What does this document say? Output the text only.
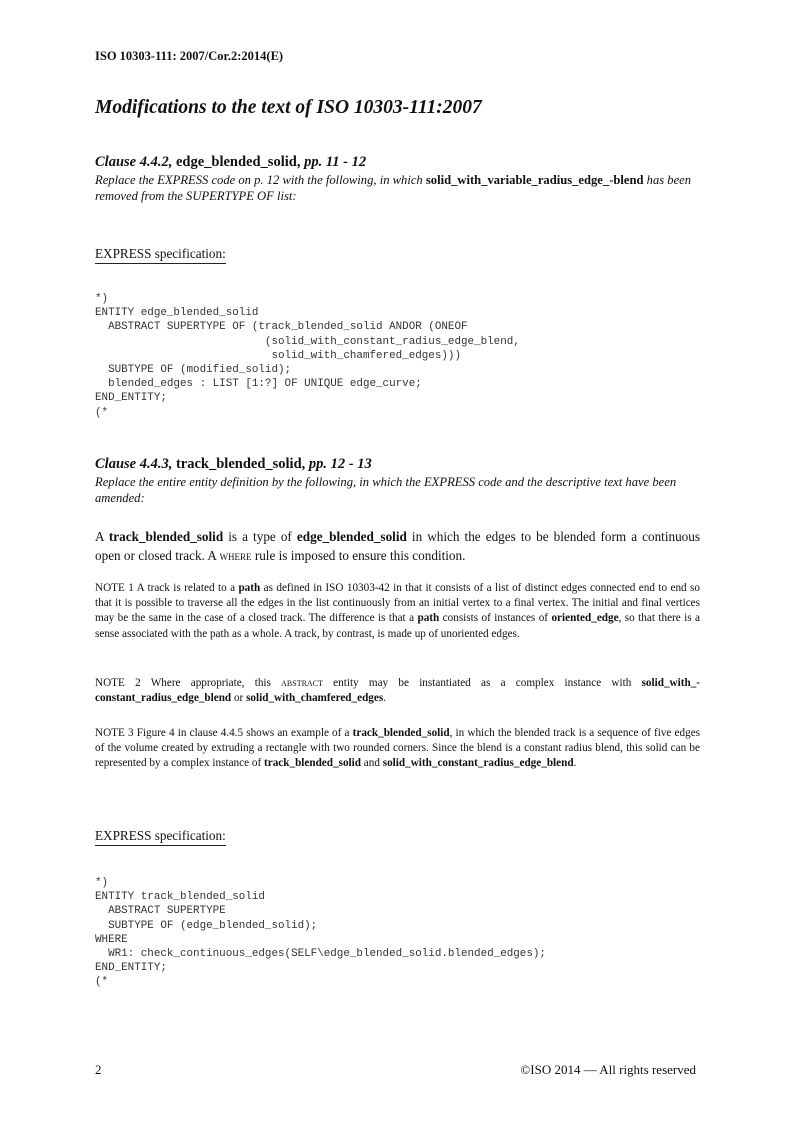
ISO 10303-111: 2007/Cor.2:2014(E)
Modifications to the text of ISO 10303-111:2007
Clause 4.4.2, edge_blended_solid, pp. 11 - 12

Replace the EXPRESS code on p. 12 with the following, in which solid_with_variable_radius_edge_-blend has been removed from the SUPERTYPE OF list:

EXPRESS specification:
*)
ENTITY edge_blended_solid
ABSTRACT SUPERTYPE OF (track_blended_solid ANDOR (ONEOF
(solid_with_constant_radius_edge_blend,
solid_with_chamfered_edges)))
SUBTYPE OF (modified_solid);
blended_edges : LIST [1:?] OF UNIQUE edge_curve;
END_ENTITY;
(*
Clause 4.4.3, track_blended_solid, pp. 12 - 13

Replace the entire entity definition by the following, in which the EXPRESS code and the descriptive text have been amended:

A track_blended_solid is a type of edge_blended_solid in which the edges to be blended form a continuous open or closed track. A where rule is imposed to ensure this condition.

NOTE 1 A track is related to a path as defined in ISO 10303-42 in that it consists of a list of distinct edges connected end to end so that it is possible to traverse all the edges in the list continuously from an initial vertex to a final vertex. The initial and final vertices may be the same in the case of a closed track. The difference is that a path consists of instances of oriented_edge, so that there is a sense associated with the path as a whole. A track, by contrast, is made up of unoriented edges.

NOTE 2 Where appropriate, this abstract entity may be instantiated as a complex instance with solid_with_-constant_radius_edge_blend or solid_with_chamfered_edges.

NOTE 3 Figure 4 in clause 4.4.5 shows an example of a track_blended_solid, in which the blended track is a sequence of five edges of the volume created by extruding a rectangle with two rounded corners. Since the blend is a constant radius blend, this solid can be represented by a complex instance of track_blended_solid and solid_with_constant_radius_edge_blend.

EXPRESS specification:
*)
ENTITY track_blended_solid
ABSTRACT SUPERTYPE
SUBTYPE OF (edge_blended_solid);
WHERE
WR1: check_continuous_edges(SELF\edge_blended_solid.blended_edges);
END_ENTITY;
(*
2	©ISO 2014 — All rights reserved
